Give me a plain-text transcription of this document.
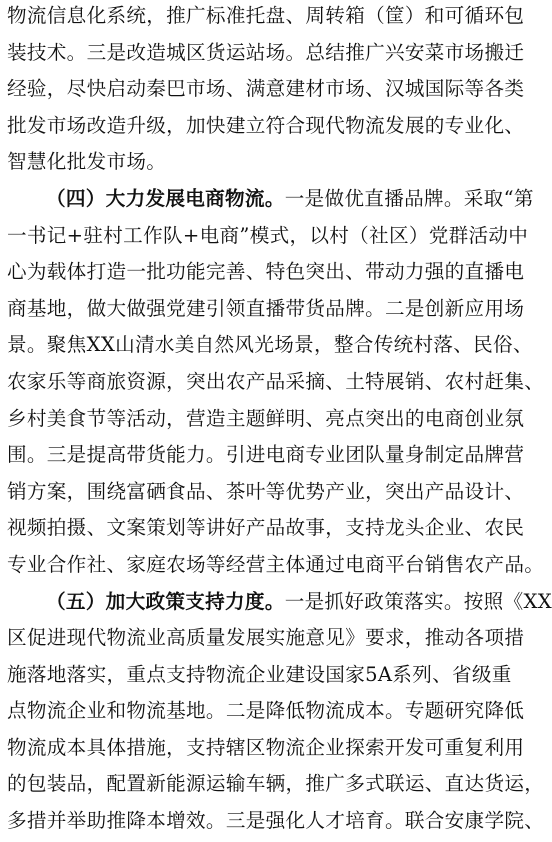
物流信息化系统，推广标准托盘、周转箱（筐）和可循环包
装技术。三是改造城区货运站场。总结推广兴安菜市场搬迁
经验，尽快启动秦巴市场、满意建材市场、汉城国际等各类
批发市场改造升级，加快建立符合现代物流发展的专业化、
智慧化批发市场。
（四）大力发展电商物流。一是做优直播品牌。采取“第
一书记+驻村工作队+电商”模式，以村（社区）党群活动中
心为载体打造一批功能完善、特色突出、带动力强的直播电
商基地，做大做强党建引领直播带货品牌。二是创新应用场
景。聚焦XX山清水美自然风光场景，整合传统村落、民俗、
农家乐等商旅资源，突出农产品采摘、土特展销、农村赶集、
乡村美食节等活动，营造主题鲜明、亮点突出的电商创业氛
围。三是提高带货能力。引进电商专业团队量身制定品牌营
销方案，围绕富硒食品、茶叶等优势产业，突出产品设计、
视频拍摄、文案策划等讲好产品故事，支持龙头企业、农民
专业合作社、家庭农场等经营主体通过电商平台销售农产品。
（五）加大政策支持力度。一是抓好政策落实。按照《XX
区促进现代物流业高质量发展实施意见》要求，推动各项措
施落地落实，重点支持物流企业建设国家5A系列、省级重
点物流企业和物流基地。二是降低物流成本。专题研究降低
物流成本具体措施，支持辖区物流企业探索开发可重复利用
的包装品，配置新能源运输车辆，推广多式联运、直达货运，
多措并举助推降本增效。三是强化人才培育。联合安康学院、
